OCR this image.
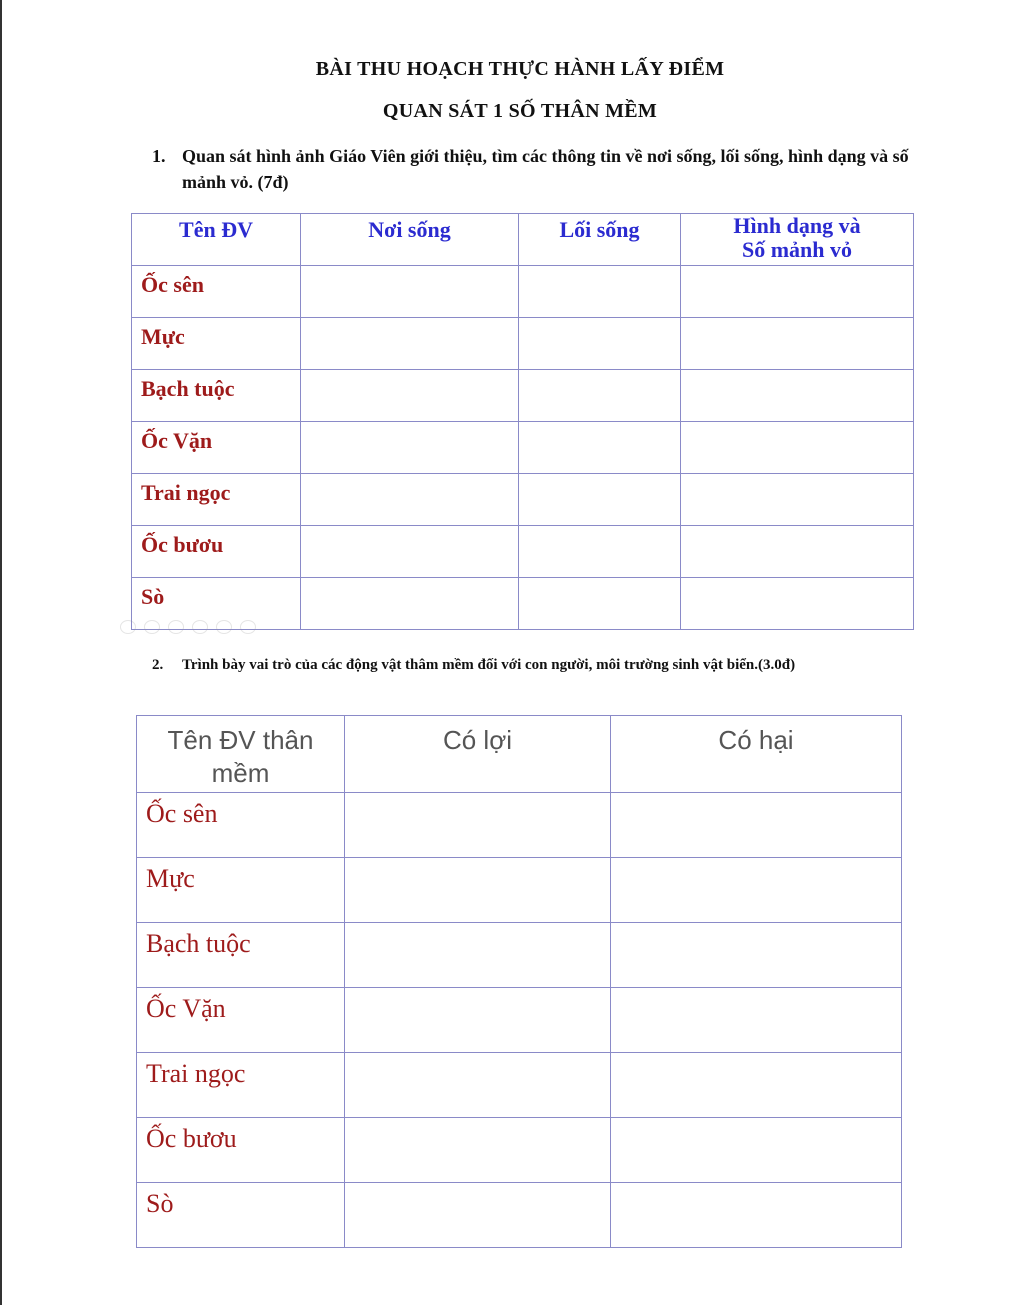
BÀI THU HOẠCH THỰC HÀNH LẤY ĐIỂM
QUAN SÁT 1 SỐ THÂN MỀM
1. Quan sát hình ảnh Giáo Viên giới thiệu, tìm các thông tin về nơi sống, lối sống, hình dạng và số mảnh vỏ. (7đ)
Tên ĐV	Nơi sống	Lối sống	Hình dạng và
Số mảnh vỏ

Ốc sên			
Mực			
Bạch tuộc			
Ốc Vặn			
Trai ngọc			
Ốc bươu			
Sò			
2. Trình bày vai trò của các động vật thâm mềm đối với con người, môi trường sinh vật biển.(3.0đ)
Tên ĐV thân
mềm	Có lợi	Có hại
Ốc sên		
Mực		
Bạch tuộc		
Ốc Vặn		
Trai ngọc		
Ốc bươu		
Sò		
